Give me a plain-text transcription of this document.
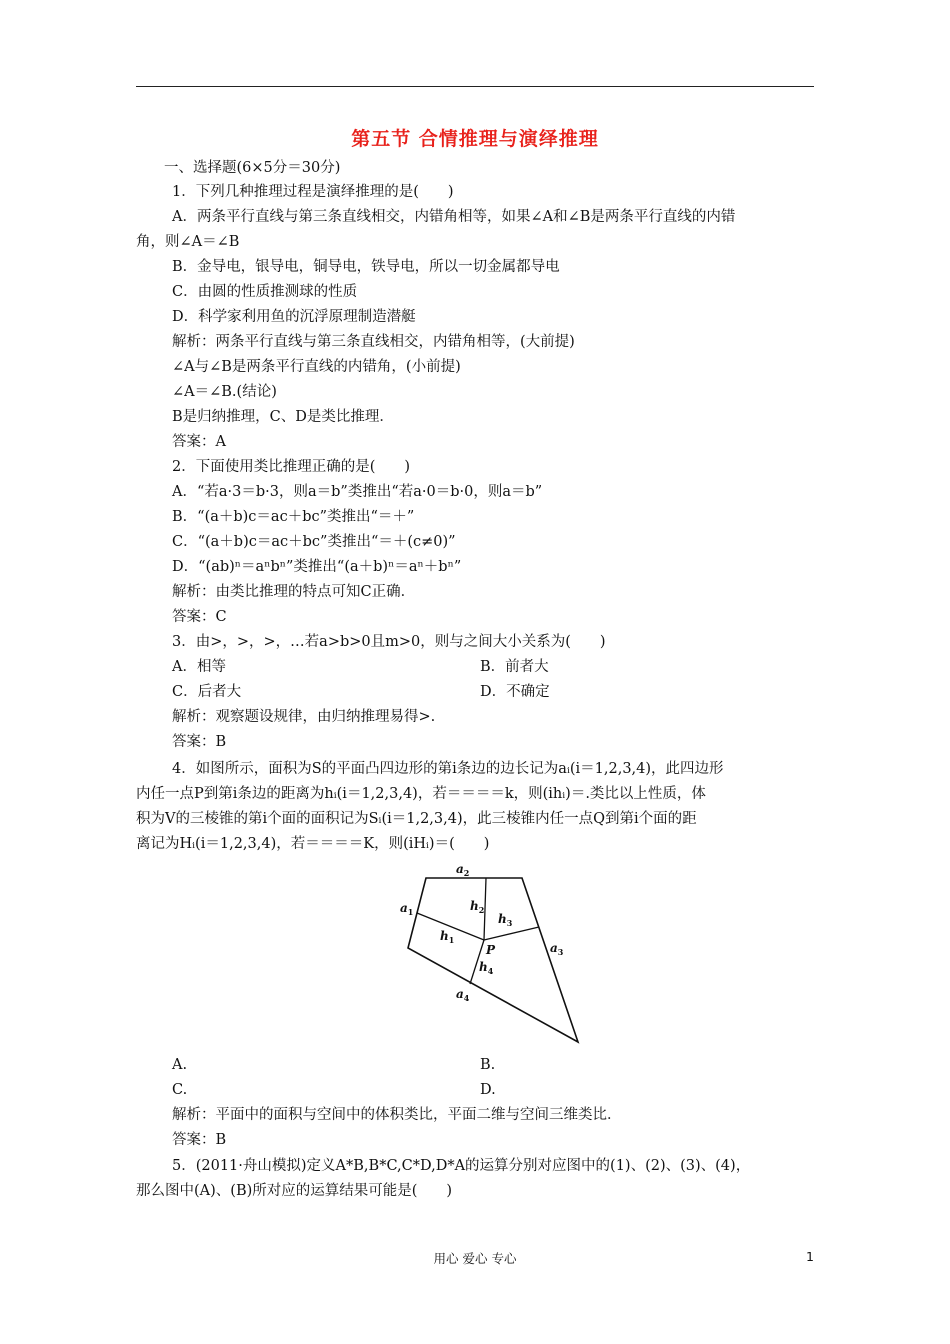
第五节 合情推理与演绎推理
一、选择题(6×5分＝30分)
1．下列几种推理过程是演绎推理的是(　　)
A．两条平行直线与第三条直线相交，内错角相等，如果∠A和∠B是两条平行直线的内错
角，则∠A＝∠B
B．金导电，银导电，铜导电，铁导电，所以一切金属都导电
C．由圆的性质推测球的性质
D．科学家利用鱼的沉浮原理制造潜艇
解析：两条平行直线与第三条直线相交，内错角相等，(大前提)
∠A与∠B是两条平行直线的内错角，(小前提)
∠A＝∠B.(结论)
B是归纳推理，C、D是类比推理．
答案：A
2．下面使用类比推理正确的是(　　)
A．“若a·3＝b·3，则a＝b”类推出“若a·0＝b·0，则a＝b”
B．“(a＋b)c＝ac＋bc”类推出“＝＋”
C．“(a＋b)c＝ac＋bc”类推出“＝＋(c≠0)”
D．“(ab)ⁿ＝aⁿbⁿ”类推出“(a＋b)ⁿ＝aⁿ＋bⁿ”
解析：由类比推理的特点可知C正确．
答案：C
3．由>，>，>，…若a>b>0且m>0，则与之间大小关系为(　　)
A．相等	B．前者大
C．后者大	D．不确定
解析：观察题设规律，由归纳推理易得>.
答案：B
4．如图所示，面积为S的平面凸四边形的第i条边的边长记为aᵢ(i＝1,2,3,4)，此四边形
内任一点P到第i条边的距离为hᵢ(i＝1,2,3,4)，若＝＝＝＝k，则(ihᵢ)＝.类比以上性质，体
积为V的三棱锥的第i个面的面积记为Sᵢ(i＝1,2,3,4)，此三棱锥内任一点Q到第i个面的距
离记为Hᵢ(i＝1,2,3,4)，若＝＝＝＝K，则(iHᵢ)＝(　　)
$a_2$
$a_1$	$h_2$
$h_3$
$h_1$
P	$a_3$
$h_4$
$a_4$
A.	B.
C.	D.
解析：平面中的面积与空间中的体积类比，平面二维与空间三维类比．
答案：B
5．(2011·舟山模拟)定义A*B,B*C,C*D,D*A的运算分别对应图中的(1)、(2)、(3)、(4)，
那么图中(A)、(B)所对应的运算结果可能是(　　)
用心 爱心 专心	1
